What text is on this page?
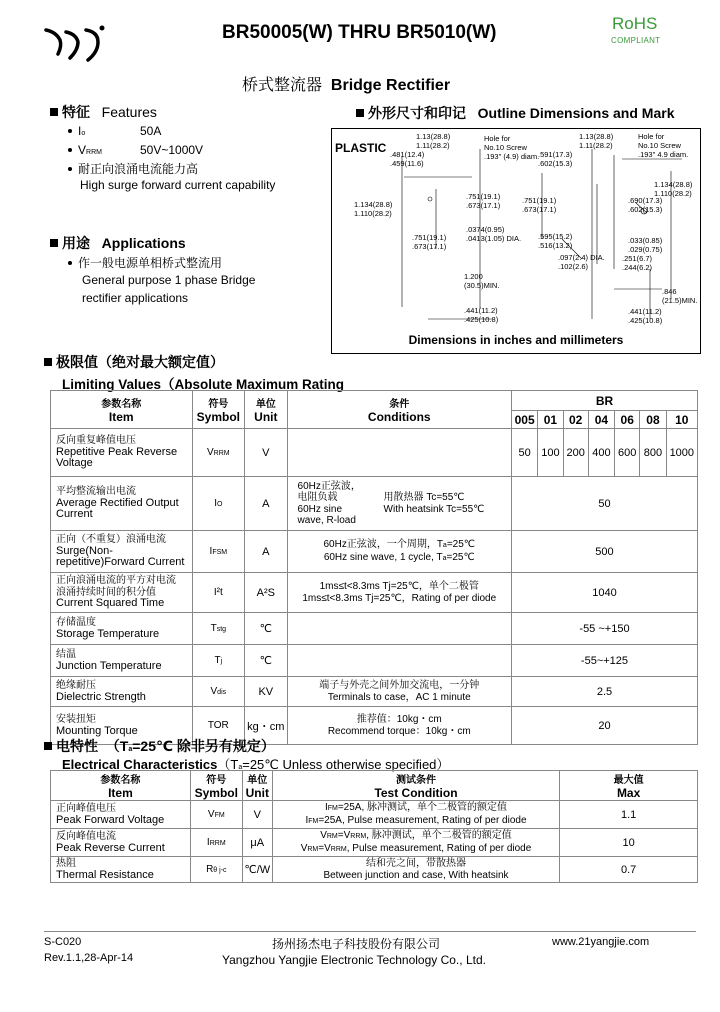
BR50005(W) THRU BR5010(W)	RoHS
COMPLIANT
桥式整流器 Bridge Rectifier
特征 Features
Io	50A
VRRM	50V~1000V
耐正向浪涌电流能力高
High surge forward current capability
用途 Applications
作一般电源单相桥式整流用
General purpose 1 phase Bridge
rectifier applications
外形尺寸和印记 Outline Dimensions and Mark
PLASTIC
1.13(28.8)
1.11(28.2)
Hole for
No.10 Screw
.193" (4.9) diam.
.481(12.4)
.459(11.6)
.591(17.3)
.602(15.3)
1.134(28.8)
1.110(28.2)
.751(19.1)
.673(17.1)
.751(19.1)
.673(17.1)
.0374(0.95)
.0413(1.05) DIA.
.751(19.1)
.673(17.1)
.595(15.2)
.516(13.2)
.097(2.4) DIA.
.102(2.6)
1.200
(30.5)MIN.
.441(11.2)
.425(10.8)
1.13(28.8)
1.11(28.2)
Hole for
No.10 Screw
.193" 4.9 diam.
1.134(28.8)
1.110(28.2)
.690(17.3)
.602(15.3)
.033(0.85)
.029(0.75)
.251(6.7)
.244(6.2)
.846
(21.5)MIN.
.441(11.2)
.425(10.8)
Dimensions in inches and millimeters
极限值（绝对最大额定值）
Limiting Values（Absolute Maximum Rating
参数名称
Item	符号
Symbol	单位
Unit	条件
Conditions	BR						
				005	01	02	04	06	08	10
反向重复峰值电压
Repetitive Peak Reverse
Voltage	VRRM	V		50	100	200	400	600	800	1000
平均整流输出电流
Average Rectified Output
Current	IO	A	60Hz正弦波，
电阻负载 用散热器 Tc=55℃
60Hz sine With heatsink Tc=55℃
wave, R-load	50						
正向（不重复）浪涌电流
Surge(Non-
repetitive)Forward Current	IFSM	A	60Hz正弦波，一个周期，Ta=25℃
60Hz sine wave, 1 cycle, Ta=25℃	500						
正向浪涌电流的平方对电流
浪涌持续时间的积分值
Current Squared Time	I²t	A²S	1ms≤t<8.3ms Tj=25℃，单个二极管
1ms≤t<8.3ms Tj=25℃，Rating of per diode	1040						
存储温度
Storage Temperature	Tstg	℃		-55 ~+150						
结温
Junction Temperature	Tj	℃		-55~+125						
绝缘耐压
Dielectric Strength	Vdis	KV	端子与外壳之间外加交流电，一分钟
Terminals to case，AC 1 minute	2.5						
安装扭矩
Mounting Torque	TOR	kg・cm	推荐值：10kg・cm
Recommend torque：10kg・cm	20						
电特性 （Ta=25℃ 除非另有规定）
Electrical Characteristics（Ta=25℃ Unless otherwise specified）
参数名称
Item	符号
Symbol	单位
Unit	测试条件
Test Condition	最大值
Max
正向峰值电压
Peak Forward Voltage	VFM	V	IFM=25A, 脉冲测试，单个二极管的额定值
IFM=25A, Pulse measurement, Rating of per diode	1.1
反向峰值电流
Peak Reverse Current	IRRM	μA	VRM=VRRM, 脉冲测试，单个二极管的额定值
VRM=VRRM, Pulse measurement, Rating of per diode	10
热阻
Thermal Resistance	Rθ j-c	℃/W	结和壳之间，带散热器
Between junction and case, With heatsink	0.7
S-C020
Rev.1.1,28-Apr-14
扬州扬杰电子科技股份有限公司
Yangzhou Yangjie Electronic Technology Co., Ltd.
www.21yangjie.com
